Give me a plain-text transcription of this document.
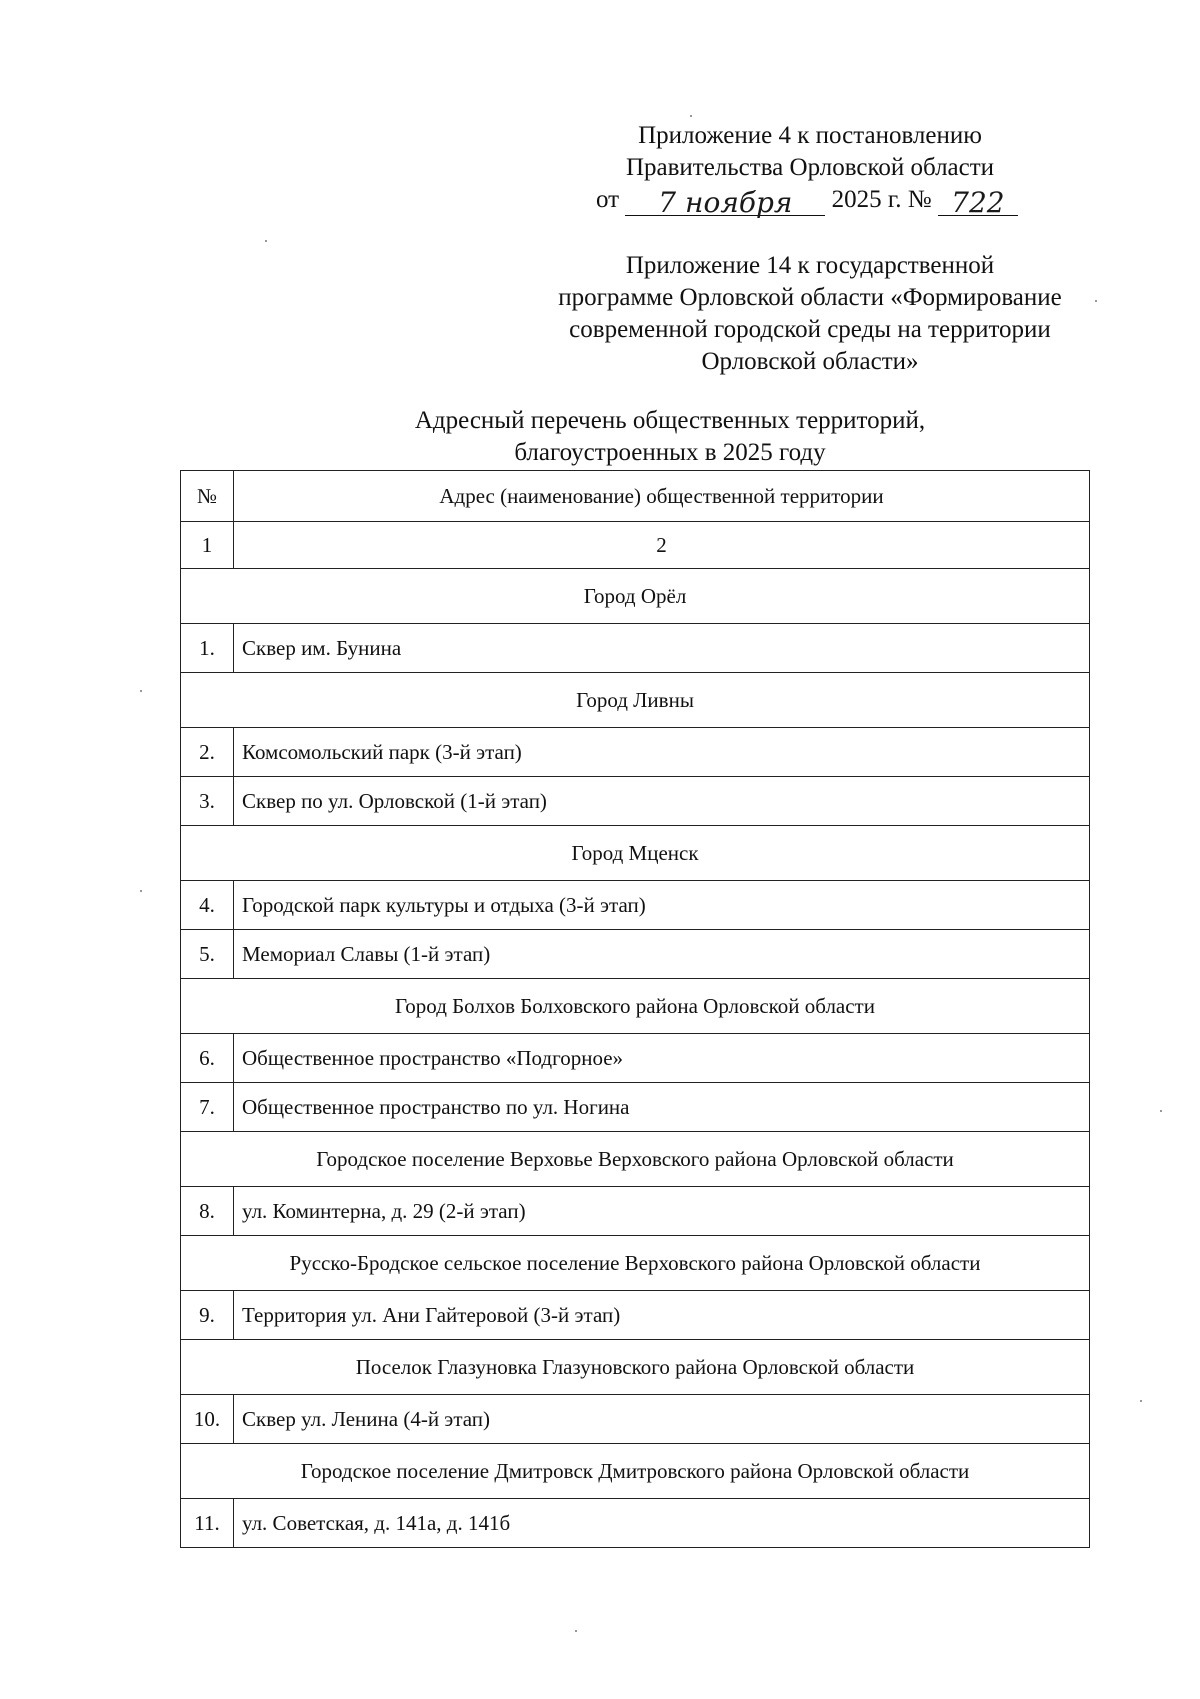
Приложение 4 к постановлению
Правительства Орловской области
от 7 ноября 2025 г. № 722
Приложение 14 к государственной
программе Орловской области «Формирование
современной городской среды на территории
Орловской области»
Адресный перечень общественных территорий,
благоустроенных в 2025 году
№	Адрес (наименование) общественной территории
1	2
Город Орёл	
1.	Сквер им. Бунина
Город Ливны	
2.	Комсомольский парк (3-й этап)
3.	Сквер по ул. Орловской (1-й этап)
Город Мценск	
4.	Городской парк культуры и отдыха (3-й этап)
5.	Мемориал Славы (1-й этап)
Город Болхов Болховского района Орловской области	
6.	Общественное пространство «Подгорное»
7.	Общественное пространство по ул. Ногина
Городское поселение Верховье Верховского района Орловской области	
8.	ул. Коминтерна, д. 29 (2-й этап)
Русско-Бродское сельское поселение Верховского района Орловской области	
9.	Территория ул. Ани Гайтеровой (3-й этап)
Поселок Глазуновка Глазуновского района Орловской области	
10.	Сквер ул. Ленина (4-й этап)
Городское поселение Дмитровск Дмитровского района Орловской области	
11.	ул. Советская, д. 141а, д. 141б
